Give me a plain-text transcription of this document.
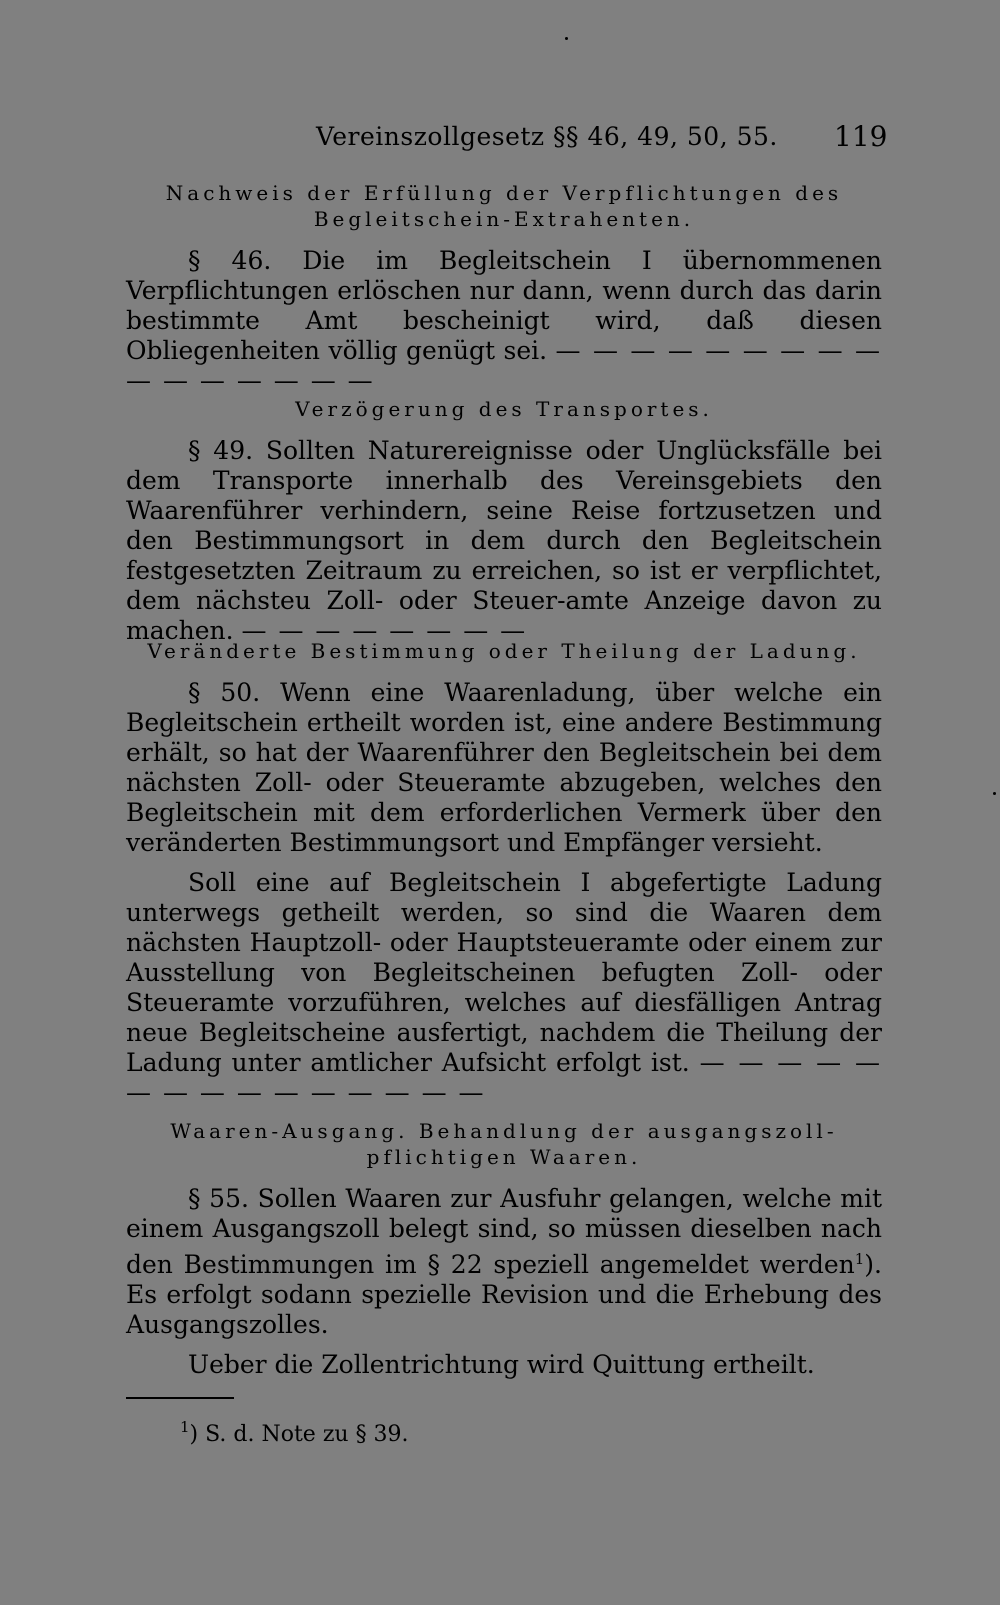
Vereinszollgesetz §§ 46, 49, 50, 55. 119
Nachweis der Erfüllung der Verpflichtungen des
Begleitschein-Extrahenten.

§ 46. Die im Begleitschein I übernommenen Verpflichtungen erlöschen nur dann, wenn durch das darin bestimmte Amt bescheinigt wird, daß diesen Obliegenheiten völlig genügt sei. — — — — — — — — — — — — — — — —

Verzögerung des Transportes.

§ 49. Sollten Naturereignisse oder Unglücksfälle bei dem Transporte innerhalb des Vereinsgebiets den Waarenführer verhindern, seine Reise fortzusetzen und den Bestimmungsort in dem durch den Begleitschein festgesetzten Zeitraum zu erreichen, so ist er verpflichtet, dem nächsteu Zoll- oder Steuer-amte Anzeige davon zu machen. — — — — — — — —

Veränderte Bestimmung oder Theilung der Ladung.

§ 50. Wenn eine Waarenladung, über welche ein Begleitschein ertheilt worden ist, eine andere Bestimmung erhält, so hat der Waarenführer den Begleitschein bei dem nächsten Zoll- oder Steueramte abzugeben, welches den Begleitschein mit dem erforderlichen Vermerk über den veränderten Bestimmungsort und Empfänger versieht.

Soll eine auf Begleitschein I abgefertigte Ladung unterwegs getheilt werden, so sind die Waaren dem nächsten Hauptzoll- oder Hauptsteueramte oder einem zur Ausstellung von Begleitscheinen befugten Zoll- oder Steueramte vorzuführen, welches auf diesfälligen Antrag neue Begleitscheine ausfertigt, nachdem die Theilung der Ladung unter amtlicher Aufsicht erfolgt ist. — — — — — — — — — — — — — — —

Waaren-Ausgang. Behandlung der ausgangszoll-
pflichtigen Waaren.

§ 55. Sollen Waaren zur Ausfuhr gelangen, welche mit einem Ausgangszoll belegt sind, so müssen dieselben nach den Bestimmungen im § 22 speziell angemeldet werden$^1$). Es erfolgt sodann spezielle Revision und die Erhebung des Ausgangszolles.

Ueber die Zollentrichtung wird Quittung ertheilt.

$^1$) S. d. Note zu § 39.
